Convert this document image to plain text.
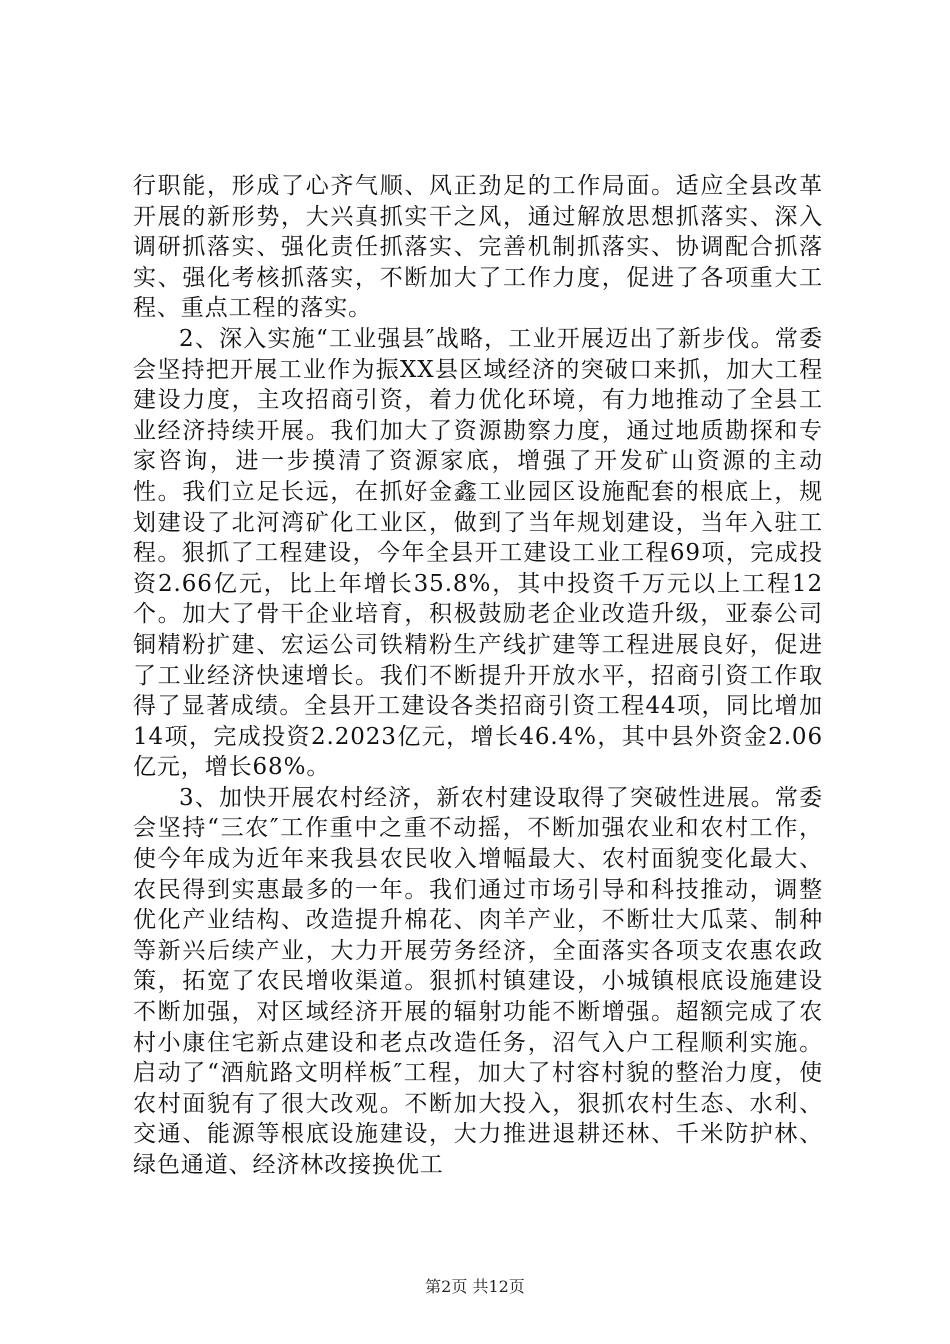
行职能，形成了心齐气顺、风正劲足的工作局面。适应全县改革开展的新形势，大兴真抓实干之风，通过解放思想抓落实、深入调研抓落实、强化责任抓落实、完善机制抓落实、协调配合抓落实、强化考核抓落实，不断加大了工作力度，促进了各项重大工程、重点工程的落实。

2、深入实施“工业强县″战略，工业开展迈出了新步伐。常委会坚持把开展工业作为振XX县区域经济的突破口来抓，加大工程建设力度，主攻招商引资，着力优化环境，有力地推动了全县工业经济持续开展。我们加大了资源勘察力度，通过地质勘探和专家咨询，进一步摸清了资源家底，增强了开发矿山资源的主动性。我们立足长远，在抓好金鑫工业园区设施配套的根底上，规划建设了北河湾矿化工业区，做到了当年规划建设，当年入驻工程。狠抓了工程建设，今年全县开工建设工业工程69项，完成投资2.66亿元，比上年增长35.8%，其中投资千万元以上工程12个。加大了骨干企业培育，积极鼓励老企业改造升级，亚泰公司铜精粉扩建、宏运公司铁精粉生产线扩建等工程进展良好，促进了工业经济快速增长。我们不断提升开放水平，招商引资工作取得了显著成绩。全县开工建设各类招商引资工程44项，同比增加14项，完成投资2.2023亿元，增长46.4%，其中县外资金2.06亿元，增长68%。

3、加快开展农村经济，新农村建设取得了突破性进展。常委会坚持“三农″工作重中之重不动摇，不断加强农业和农村工作，使今年成为近年来我县农民收入增幅最大、农村面貌变化最大、农民得到实惠最多的一年。我们通过市场引导和科技推动，调整优化产业结构、改造提升棉花、肉羊产业，不断壮大瓜菜、制种等新兴后续产业，大力开展劳务经济，全面落实各项支农惠农政策，拓宽了农民增收渠道。狠抓村镇建设，小城镇根底设施建设不断加强，对区域经济开展的辐射功能不断增强。超额完成了农村小康住宅新点建设和老点改造任务，沼气入户工程顺利实施。启动了“酒航路文明样板″工程，加大了村容村貌的整治力度，使农村面貌有了很大改观。不断加大投入，狠抓农村生态、水利、交通、能源等根底设施建设，大力推进退耕还林、千米防护林、绿色通道、经济林改接换优工

第2页 共12页
